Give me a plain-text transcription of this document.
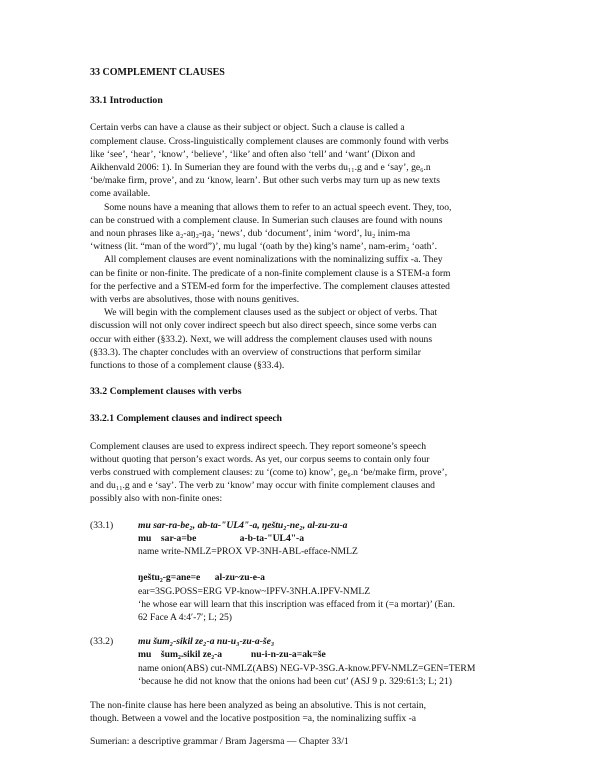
33 COMPLEMENT CLAUSES
33.1 Introduction

Certain verbs can have a clause as their subject or object. Such a clause is called a
complement clause. Cross-linguistically complement clauses are commonly found with verbs
like ‘see’, ‘hear’, ‘know’, ‘believe’, ‘like’ and often also ‘tell’ and ‘want’ (Dixon and
Aikhenvald 2006: 1). In Sumerian they are found with the verbs du₁₁.g and e ‘say’, ge₆.n
‘be/make firm, prove’, and zu ‘know, learn’. But other such verbs may turn up as new texts
come available.

Some nouns have a meaning that allows them to refer to an actual speech event. They, too,
can be construed with a complement clause. In Sumerian such clauses are found with nouns
and noun phrases like a₂-aŋ₂-ŋa₂ ‘news’, dub ‘document’, inim ‘word’, lu₂ inim-ma
‘witness (lit. “man of the word”)’, mu lugal ‘(oath by the) king’s name’, nam-erim₂ ‘oath’.

All complement clauses are event nominalizations with the nominalizing suffix -a. They
can be finite or non-finite. The predicate of a non-finite complement clause is a STEM-a form
for the perfective and a STEM-ed form for the imperfective. The complement clauses attested
with verbs are absolutives, those with nouns genitives.

We will begin with the complement clauses used as the subject or object of verbs. That
discussion will not only cover indirect speech but also direct speech, since some verbs can
occur with either (§33.2). Next, we will address the complement clauses used with nouns
(§33.3). The chapter concludes with an overview of constructions that perform similar
functions to those of a complement clause (§33.4).

33.2 Complement clauses with verbs
33.2.1 Complement clauses and indirect speech

Complement clauses are used to express indirect speech. They report someone’s speech
without quoting that person’s exact words. As yet, our corpus seems to contain only four
verbs construed with complement clauses: zu ‘(come to) know’, ge₆.n ‘be/make firm, prove’,
and du₁₁.g and e ‘say’. The verb zu ‘know’ may occur with finite complement clauses and
possibly also with non-finite ones:

(33.1)	mu sar-ra-be₂, ab-ta-"UL4"-a, ŋeštu₂-ne₂, al-zu-zu-a
mu    sar-a=be                  a-b-ta-"UL4"-a
name write-NMLZ=PROX VP-3NH-ABL-efface-NMLZ
ŋeštu₂-g=ane=e      al-zu~zu-e-a
ear=3SG.POSS=ERG VP-know~IPFV-3NH.A.IPFV-NMLZ
‘he whose ear will learn that this inscription was effaced from it (=a mortar)’ (Ean.
62 Face A 4:4′-7′; L; 25)
(33.2)	mu šum₂-sikil ze₂-a nu-u₃-zu-a-še₃
mu    šum₂.sikil ze₂-a            nu-i-n-zu-a=ak=še
name onion(ABS) cut-NMLZ(ABS) NEG-VP-3SG.A-know.PFV-NMLZ=GEN=TERM
‘because he did not know that the onions had been cut’ (ASJ 9 p. 329:61:3; L; 21)

The non-finite clause has here been analyzed as being an absolutive. This is not certain,
though. Between a vowel and the locative postposition =a, the nominalizing suffix -a

Sumerian: a descriptive grammar / Bram Jagersma — Chapter 33/1
